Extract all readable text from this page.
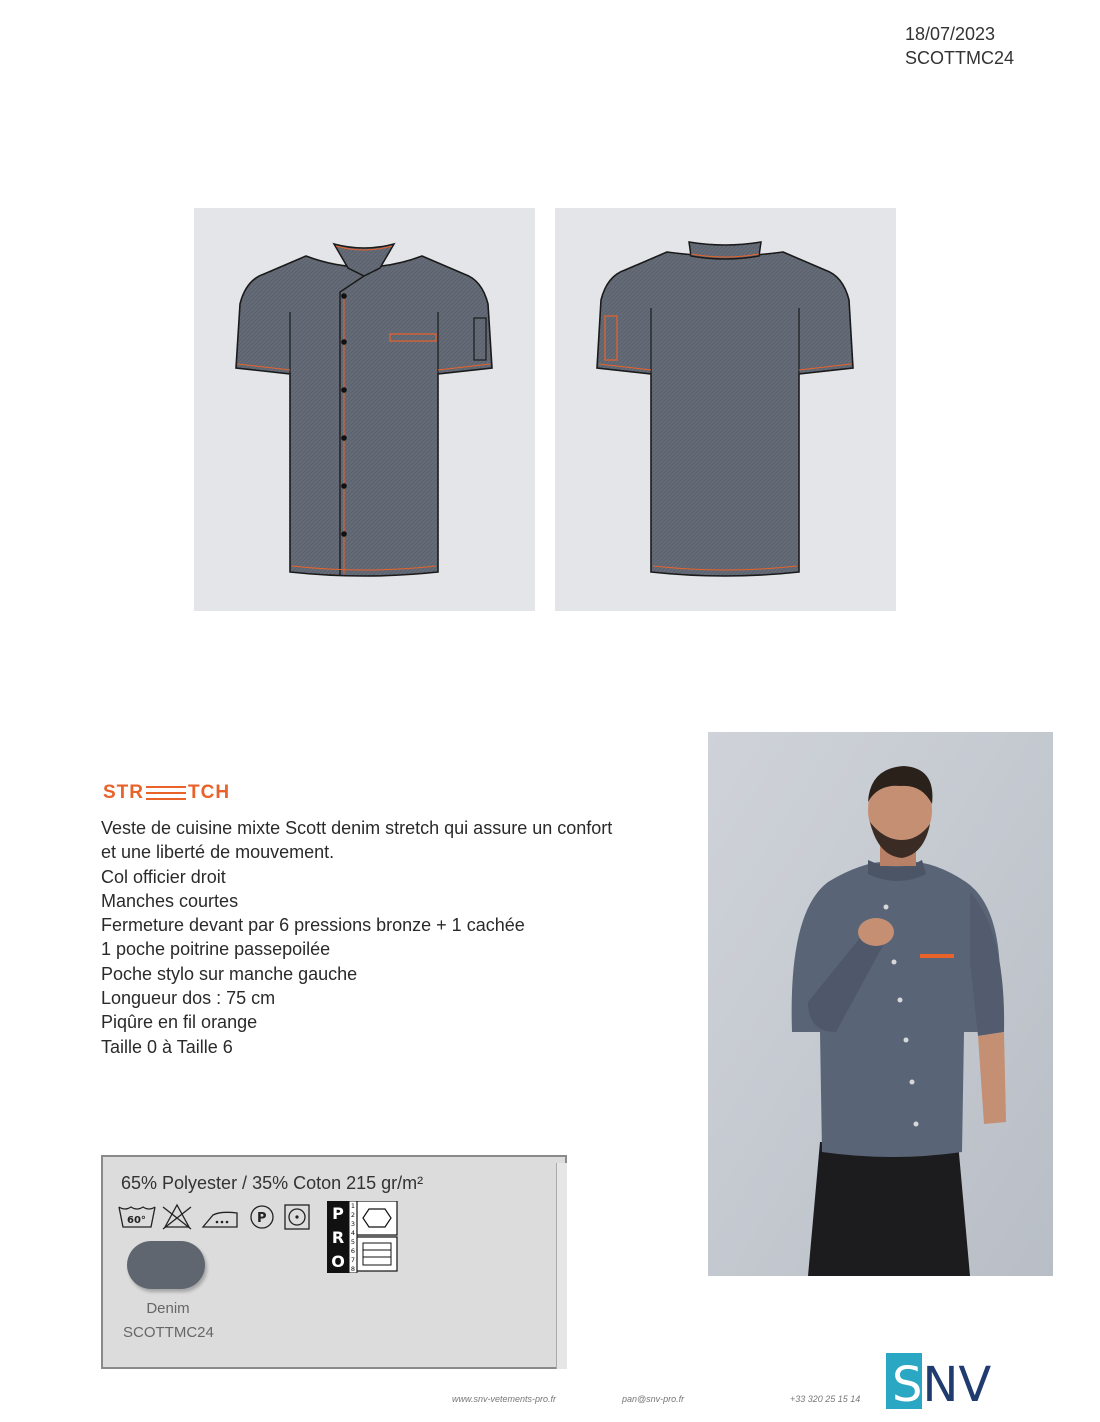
18/07/2023
SCOTTMC24
STR TCH
Veste de cuisine mixte Scott denim stretch qui assure un confort
et une liberté de mouvement.
Col officier droit
Manches courtes
Fermeture devant par 6 pressions bronze + 1 cachée
1 poche poitrine passepoilée
Poche stylo sur manche gauche
Longueur dos : 75 cm
Piqûre en fil orange
Taille 0 à Taille 6
65% Polyester / 35% Coton 215 gr/m²
60°	P
Denim
SCOTTMC24
P
R
O
1
2
3
4
5
6
7
8
www.snv-vetements-pro.fr	pan@snv-pro.fr	+33 320 25 15 14 SNV
